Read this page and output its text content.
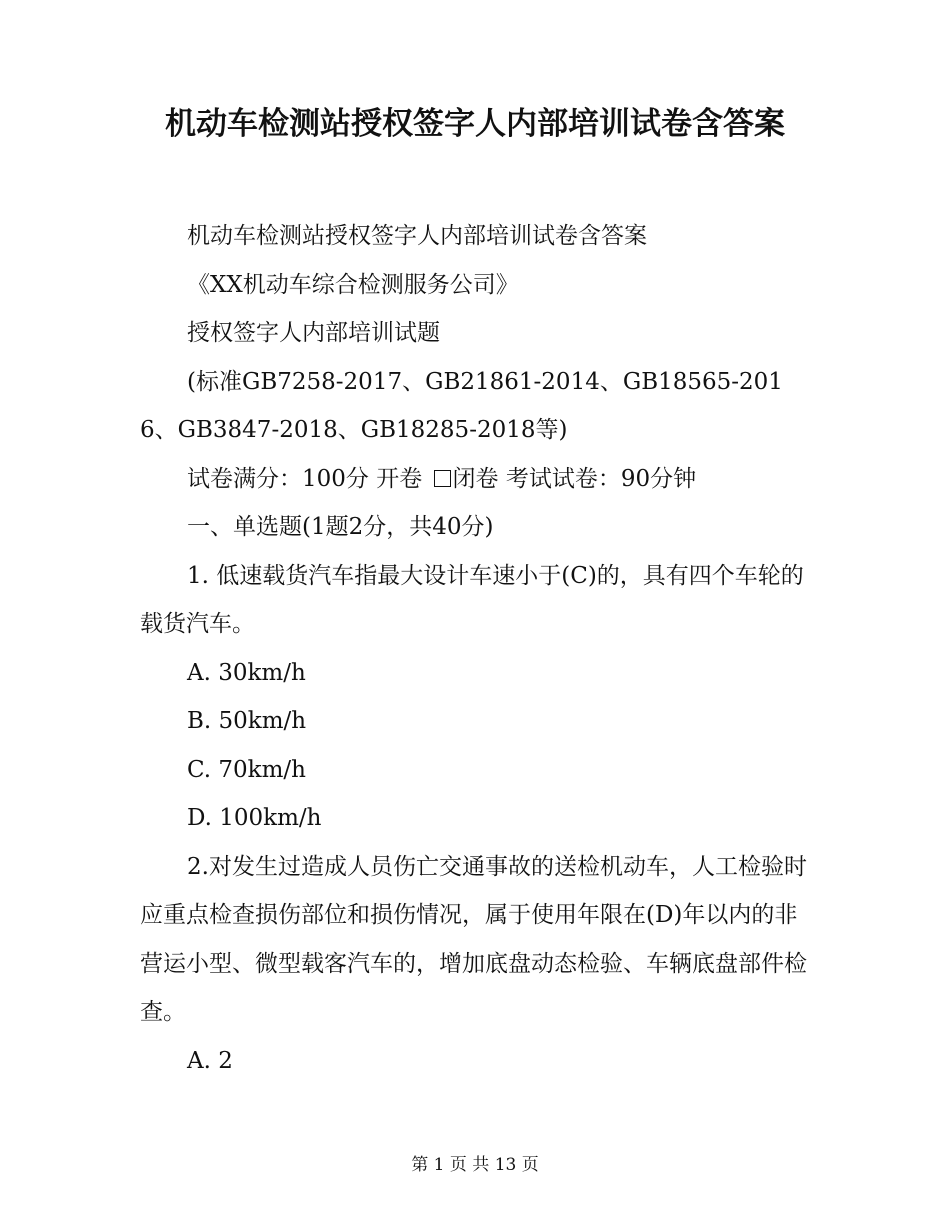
机动车检测站授权签字人内部培训试卷含答案

机动车检测站授权签字人内部培训试卷含答案

《XX机动车综合检测服务公司》

授权签字人内部培训试题

(标准GB7258-2017、GB21861-2014、GB18565-2016、GB3847-2018、GB18285-2018等)

试卷满分：100分 开卷 闭卷 考试试卷：90分钟

一、单选题(1题2分，共40分)

1. 低速载货汽车指最大设计车速小于(C)的，具有四个车轮的载货汽车。

A. 30km/h

B. 50km/h

C. 70km/h

D. 100km/h

2.对发生过造成人员伤亡交通事故的送检机动车，人工检验时应重点检查损伤部位和损伤情况，属于使用年限在(D)年以内的非营运小型、微型载客汽车的，增加底盘动态检验、车辆底盘部件检查。

A. 2

第 1 页 共 13 页
